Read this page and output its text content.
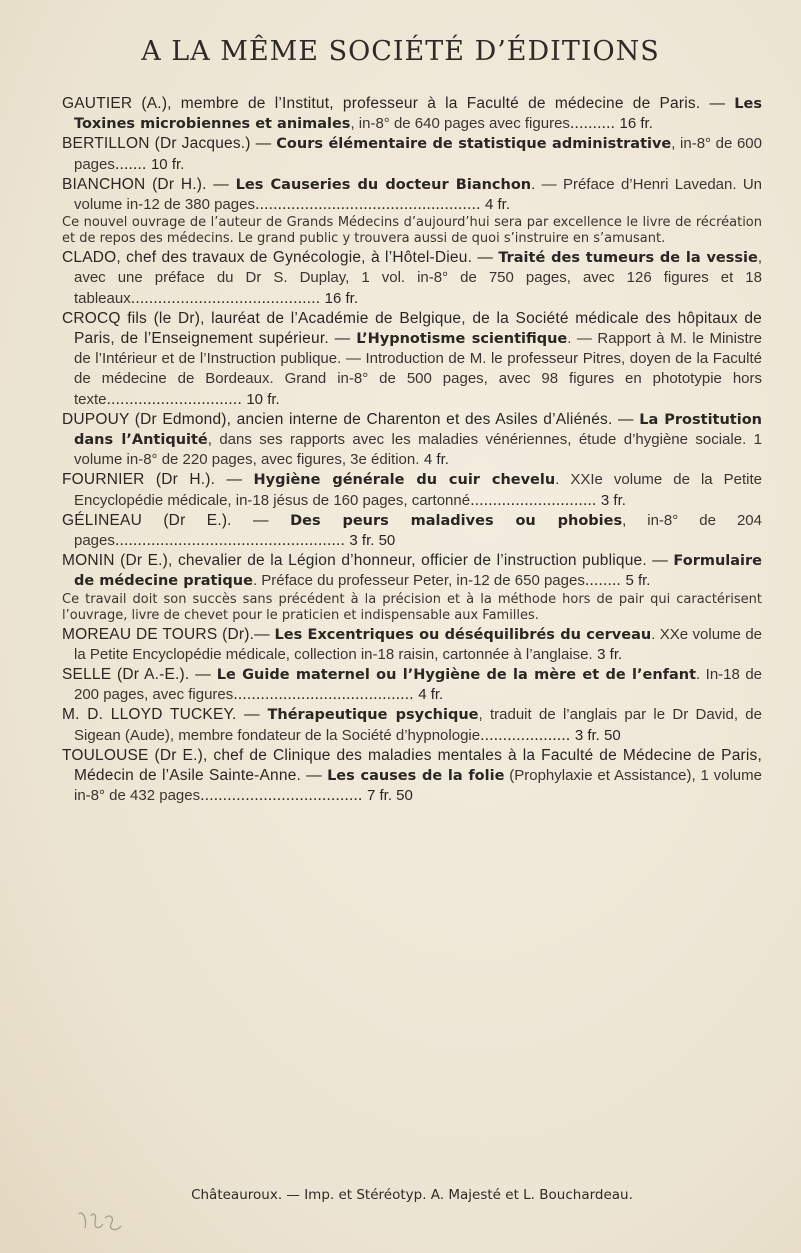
A LA MÊME SOCIÉTÉ D’ÉDITIONS

GAUTIER (A.), membre de l’Institut, professeur à la Faculté de médecine de Paris. — Les Toxines microbiennes et animales, in-8° de 640 pages avec figures.......... 16 fr.

BERTILLON (Dr Jacques.) — Cours élémentaire de statistique administrative, in-8° de 600 pages....... 10 fr.

BIANCHON (Dr H.). — Les Causeries du docteur Bianchon. — Préface d’Henri Lavedan. Un volume in-12 de 380 pages.................................................. 4 fr.

Ce nouvel ouvrage de l’auteur de Grands Médecins d’aujourd’hui sera par excellence le livre de récréation et de repos des médecins. Le grand public y trouvera aussi de quoi s’instruire en s’amusant.

CLADO, chef des travaux de Gynécologie, à l’Hôtel-Dieu. — Traité des tumeurs de la vessie, avec une préface du Dr S. Duplay, 1 vol. in-8° de 750 pages, avec 126 figures et 18 tableaux.......................................... 16 fr.

CROCQ fils (le Dr), lauréat de l’Académie de Belgique, de la Société médicale des hôpitaux de Paris, de l’Enseignement supérieur. — L’Hypnotisme scientifique. — Rapport à M. le Ministre de l’Intérieur et de l’Instruction publique. — Introduction de M. le professeur Pitres, doyen de la Faculté de médecine de Bordeaux. Grand in-8° de 500 pages, avec 98 figures en phototypie hors texte.............................. 10 fr.

DUPOUY (Dr Edmond), ancien interne de Charenton et des Asiles d’Aliénés. — La Prostitution dans l’Antiquité, dans ses rapports avec les maladies vénériennes, étude d’hygiène sociale. 1 volume in-8° de 220 pages, avec figures, 3e édition. 4 fr.

FOURNIER (Dr H.). — Hygiène générale du cuir chevelu. XXIe volume de la Petite Encyclopédie médicale, in-18 jésus de 160 pages, cartonné............................ 3 fr.

GÉLINEAU (Dr E.). — Des peurs maladives ou phobies, in-8° de 204 pages................................................... 3 fr. 50

MONIN (Dr E.), chevalier de la Légion d’honneur, officier de l’instruction publique. — Formulaire de médecine pratique. Préface du professeur Peter, in-12 de 650 pages........ 5 fr.

Ce travail doit son succès sans précédent à la précision et à la méthode hors de pair qui caractérisent l’ouvrage, livre de chevet pour le praticien et indispensable aux Familles.

MOREAU DE TOURS (Dr).— Les Excentriques ou déséquilibrés du cerveau. XXe volume de la Petite Encyclopédie médicale, collection in-18 raisin, cartonnée à l’anglaise. 3 fr.

SELLE (Dr A.-E.). — Le Guide maternel ou l’Hygiène de la mère et de l’enfant. In-18 de 200 pages, avec figures........................................ 4 fr.

M. D. LLOYD TUCKEY. — Thérapeutique psychique, traduit de l’anglais par le Dr David, de Sigean (Aude), membre fondateur de la Société d’hypnologie.................... 3 fr. 50

TOULOUSE (Dr E.), chef de Clinique des maladies mentales à la Faculté de Médecine de Paris, Médecin de l’Asile Sainte-Anne. — Les causes de la folie (Prophylaxie et Assistance), 1 volume in-8° de 432 pages.................................... 7 fr. 50

Châteauroux. — Imp. et Stéréotyp. A. Majesté et L. Bouchardeau.
